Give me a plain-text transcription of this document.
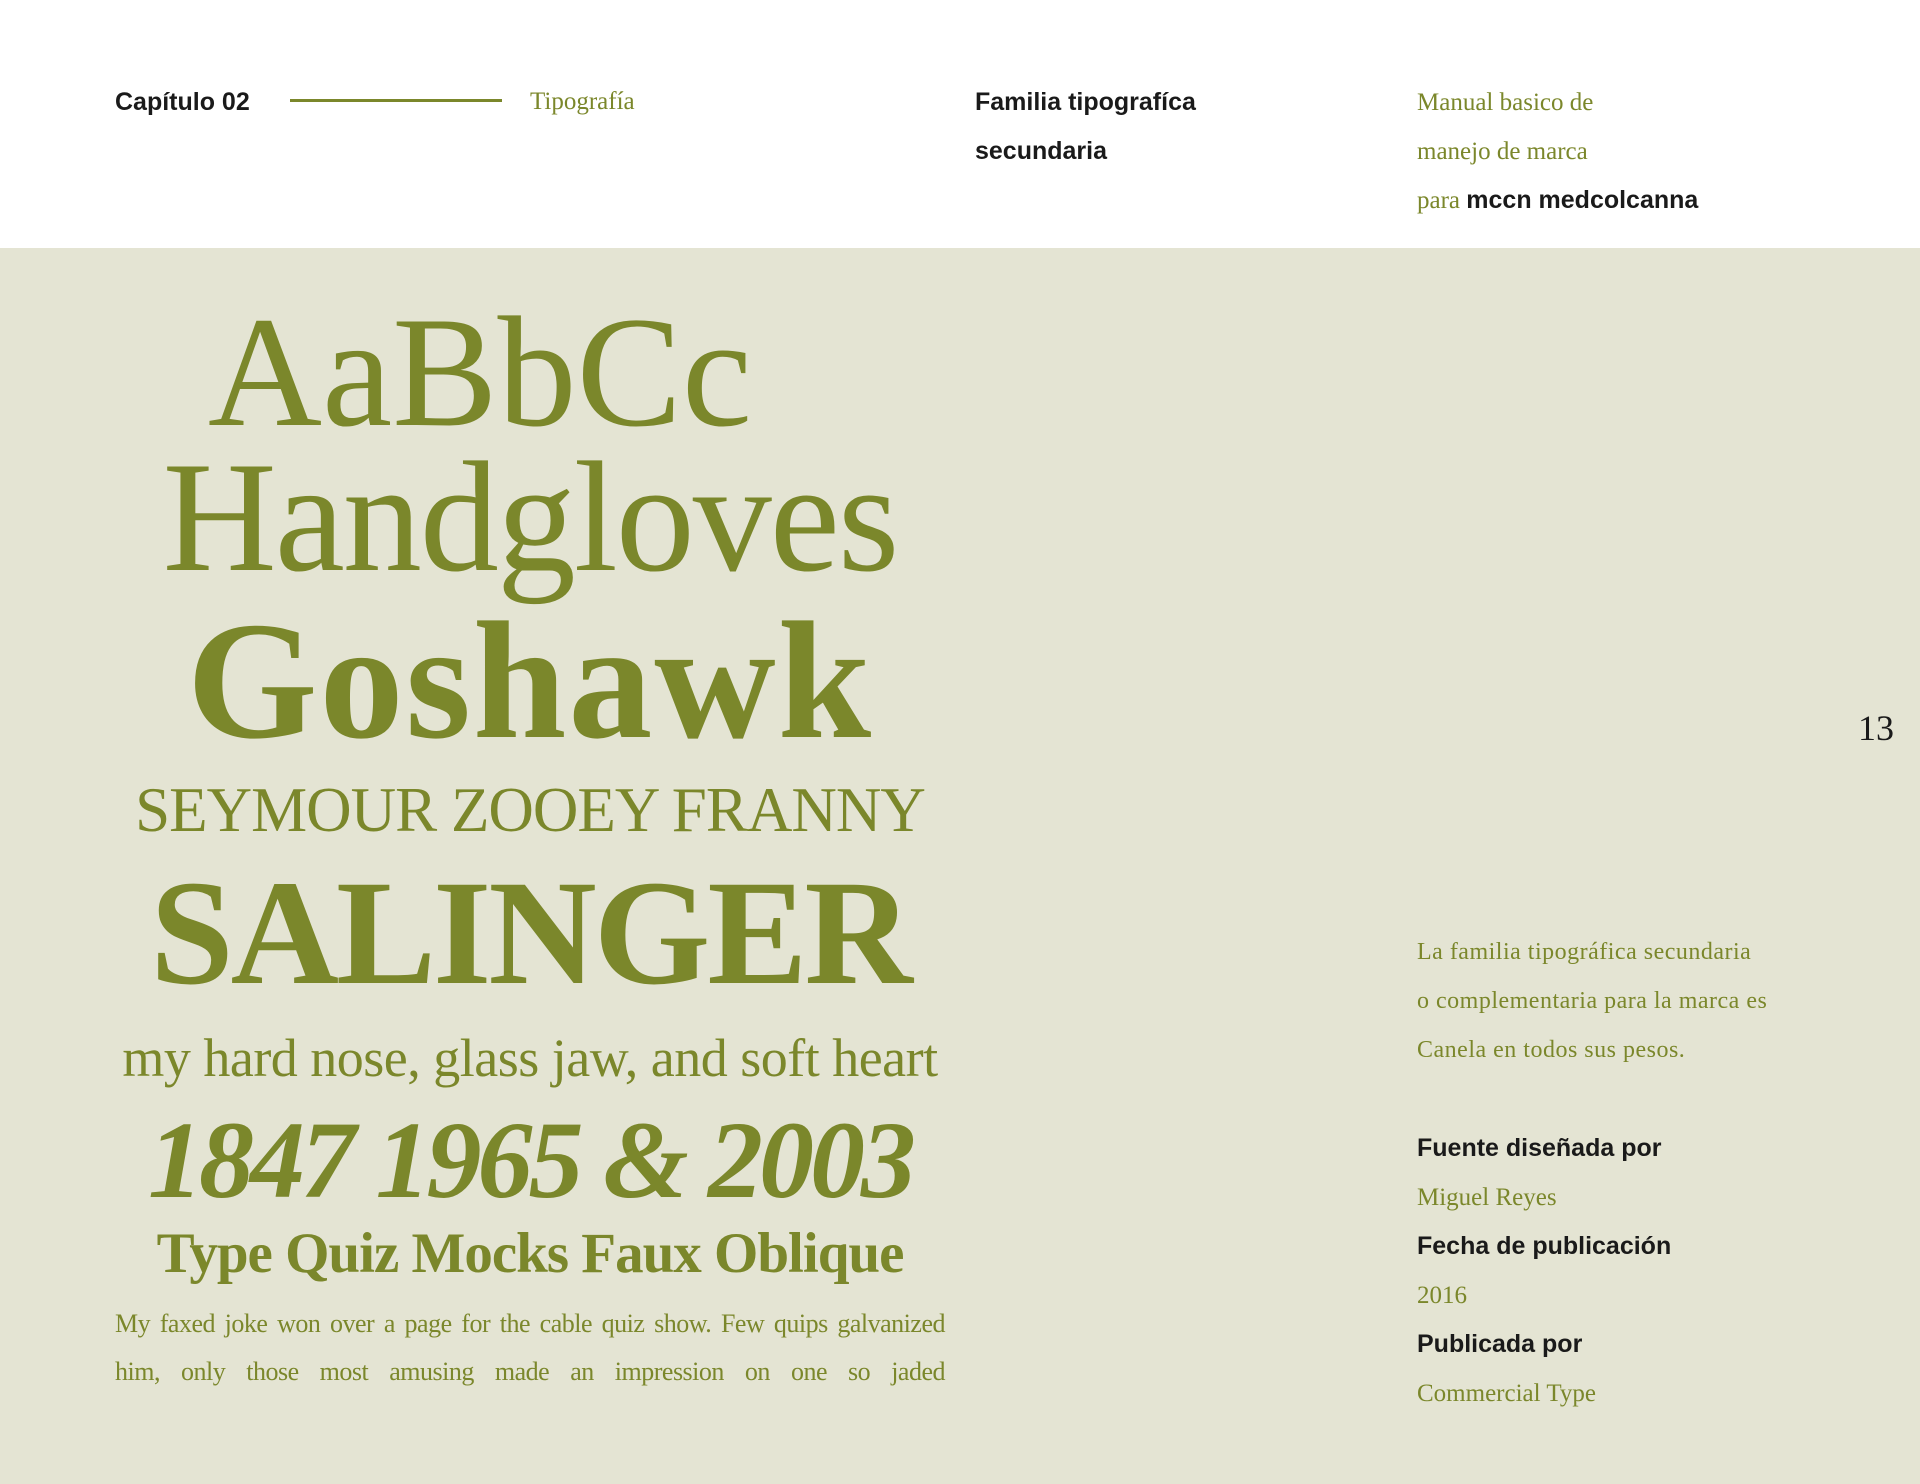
Capítulo 02	Tipografía	Familia tipografíca
secundaria
Manual basico de
manejo de marca
para mccn medcolcanna
AaBbCc
Handgloves
Goshawk
SEYMOUR ZOOEY FRANNY
SALINGER
my hard nose, glass jaw, and soft heart
1847 1965 & 2003
Type Quiz Mocks Faux Oblique
My faxed joke won over a page for the cable quiz show. Few quips galvanized
him, only those most amusing made an impression on one so jaded
13
La familia tipográfica secundaria
o complementaria para la marca es
Canela en todos sus pesos.
Fuente diseñada por
Miguel Reyes
Fecha de publicación
2016
Publicada por
Commercial Type
